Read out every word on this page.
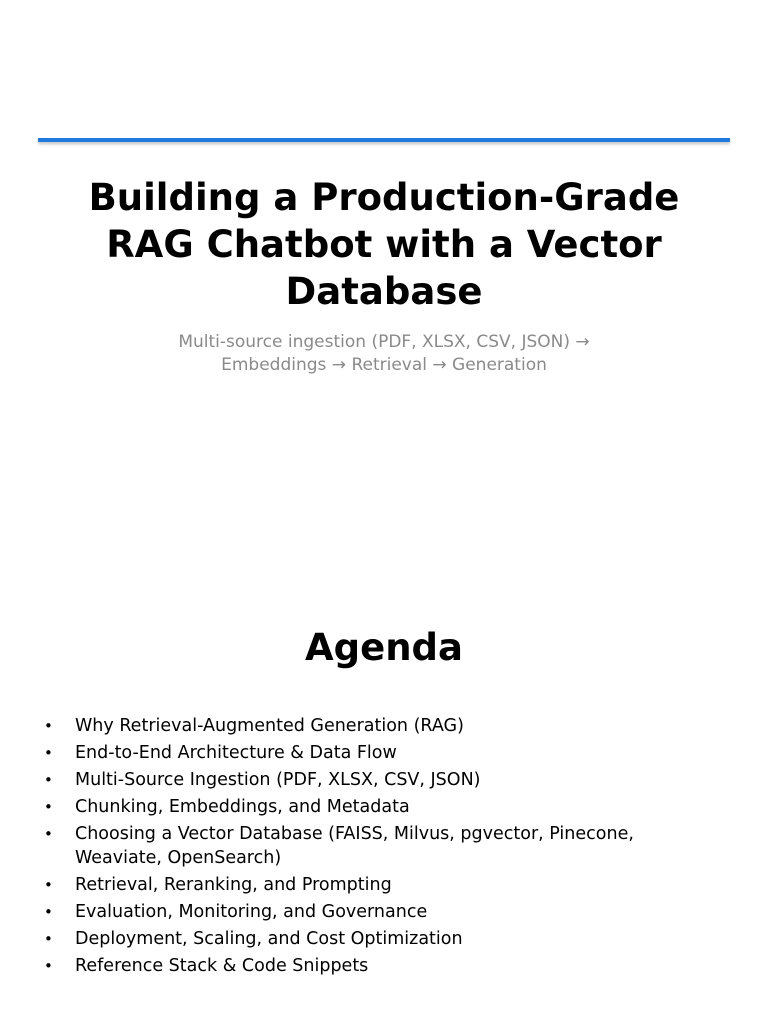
Building a Production-Grade
RAG Chatbot with a Vector
Database

Multi-source ingestion (PDF, XLSX, CSV, JSON) →
Embeddings → Retrieval → Generation

Agenda
• Why Retrieval-Augmented Generation (RAG)
• End-to-End Architecture & Data Flow
• Multi-Source Ingestion (PDF, XLSX, CSV, JSON)
• Chunking, Embeddings, and Metadata
• Choosing a Vector Database (FAISS, Milvus, pgvector, Pinecone, Weaviate, OpenSearch)
• Retrieval, Reranking, and Prompting
• Evaluation, Monitoring, and Governance
• Deployment, Scaling, and Cost Optimization
• Reference Stack & Code Snippets
